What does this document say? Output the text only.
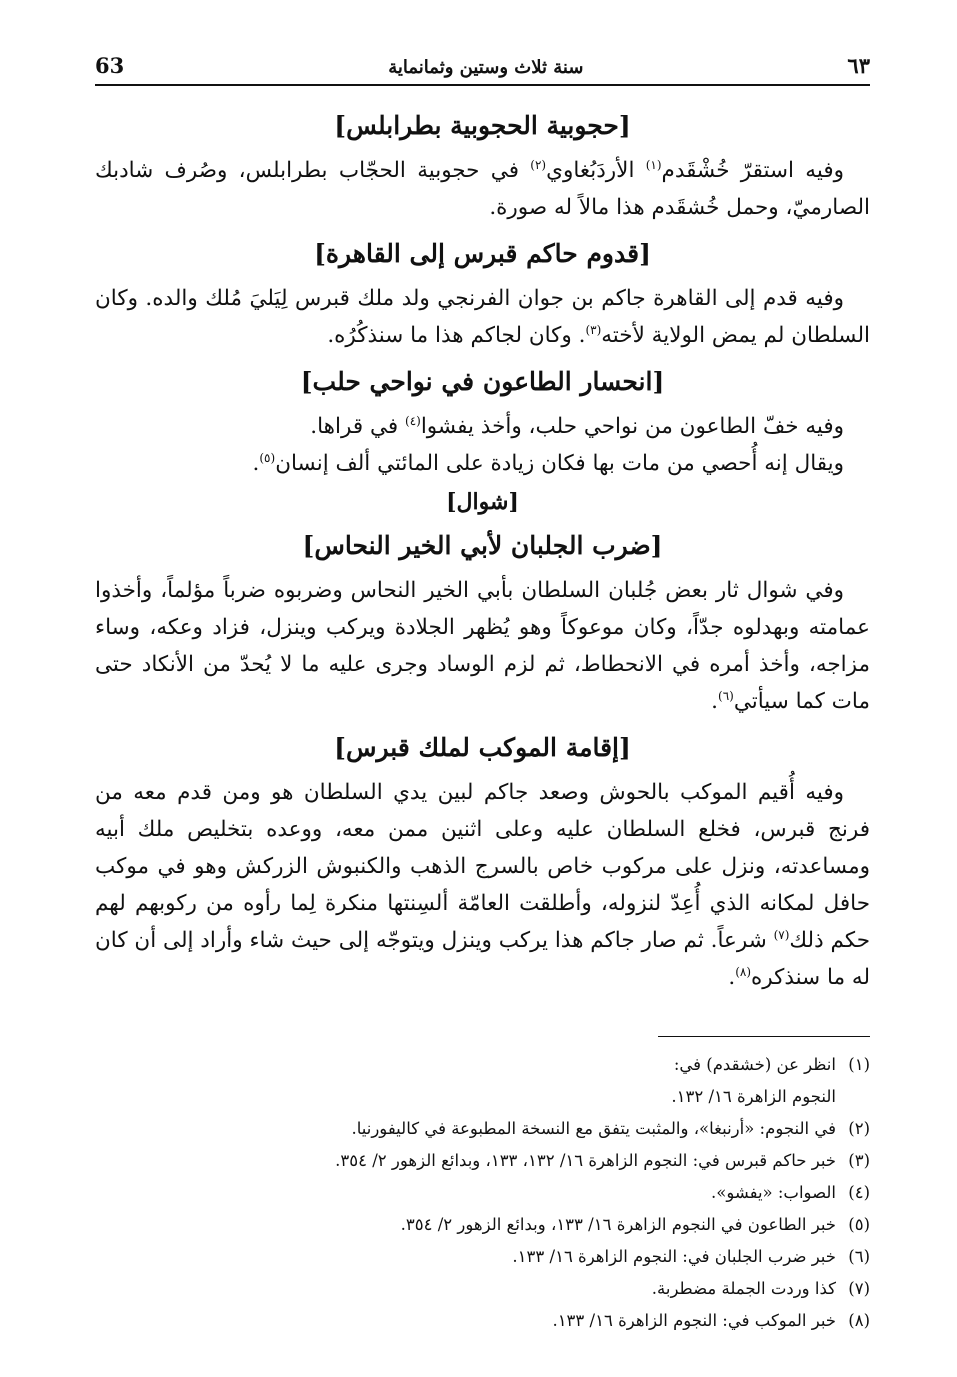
63	سنة ثلاث وستين وثمانماية	٦٣
[حجوبية الحجوبية بطرابلس]

وفيه استقرّ خُشْقَدم$^{(١)}$ الأردَبُغاوي$^{(٢)}$ في حجوبية الحجّاب بطرابلس، وصُرف شادبك الصارميّ، وحمل خُشقَدم هذا مالاً له صورة.

[قدوم حاكم قبرس إلى القاهرة]

وفيه قدم إلى القاهرة جاكم بن جوان الفرنجي ولد ملك قبرس لِيَليَ مُلك والده. وكان السلطان لم يمض الولاية لأخته$^{(٣)}$. وكان لجاكم هذا ما سنذكُرُه.

[انحسار الطاعون في نواحي حلب]

وفيه خفّ الطاعون من نواحي حلب، وأخذ يفشوا$^{(٤)}$ في قراها.

ويقال إنه أُحصي من مات بها فكان زيادة على المائتي ألف إنسان$^{(٥)}$.

[شوال]
[ضرب الجلبان لأبي الخير النحاس]

وفي شوال ثار بعض جُلبان السلطان بأبي الخير النحاس وضربوه ضرباً مؤلماً، وأخذوا عمامته وبهدلوه جدّاً، وكان موعوكاً وهو يُظهر الجلادة ويركب وينزل، فزاد وعكه، وساء مزاجه، وأخذ أمره في الانحطاط، ثم لزم الوساد وجرى عليه ما لا يُحدّ من الأنكاد حتى مات كما سيأتي$^{(٦)}$.

[إقامة الموكب لملك قبرس]

وفيه أُقيم الموكب بالحوش وصعد جاكم لبين يدي السلطان هو ومن قدم معه من فرنج قبرس، فخلع السلطان عليه وعلى اثنين ممن معه، ووعده بتخليص ملك أبيه ومساعدته، ونزل على مركوب خاص بالسرج الذهب والكنبوش الزركش وهو في موكب حافل لمكانه الذي أُعِدّ لنزوله، وأطلقت العامّة ألسِنتها منكرة لِما رأوه من ركوبهم لهم حكم ذلك$^{(٧)}$ شرعاً. ثم صار جاكم هذا يركب وينزل ويتوجّه إلى حيث شاء وأراد إلى أن كان له ما سنذكره$^{(٨)}$.

(١)
انظر عن (خشقدم) في:
النجوم الزاهرة ١٦/ ١٣٢.
(٢)
في النجوم: «أرنبغا»، والمثبت يتفق مع النسخة المطبوعة في كاليفورنيا.
(٣)
خبر حاكم قبرس في: النجوم الزاهرة ١٦/ ١٣٢، ١٣٣، وبدائع الزهور ٢/ ٣٥٤.
(٤)
الصواب: «يفشو».
(٥)
خبر الطاعون في النجوم الزاهرة ١٦/ ١٣٣، وبدائع الزهور ٢/ ٣٥٤.
(٦)
خبر ضرب الجلبان في: النجوم الزاهرة ١٦/ ١٣٣.
(٧)
كذا وردت الجملة مضطربة.
(٨)
خبر الموكب في: النجوم الزاهرة ١٦/ ١٣٣.
